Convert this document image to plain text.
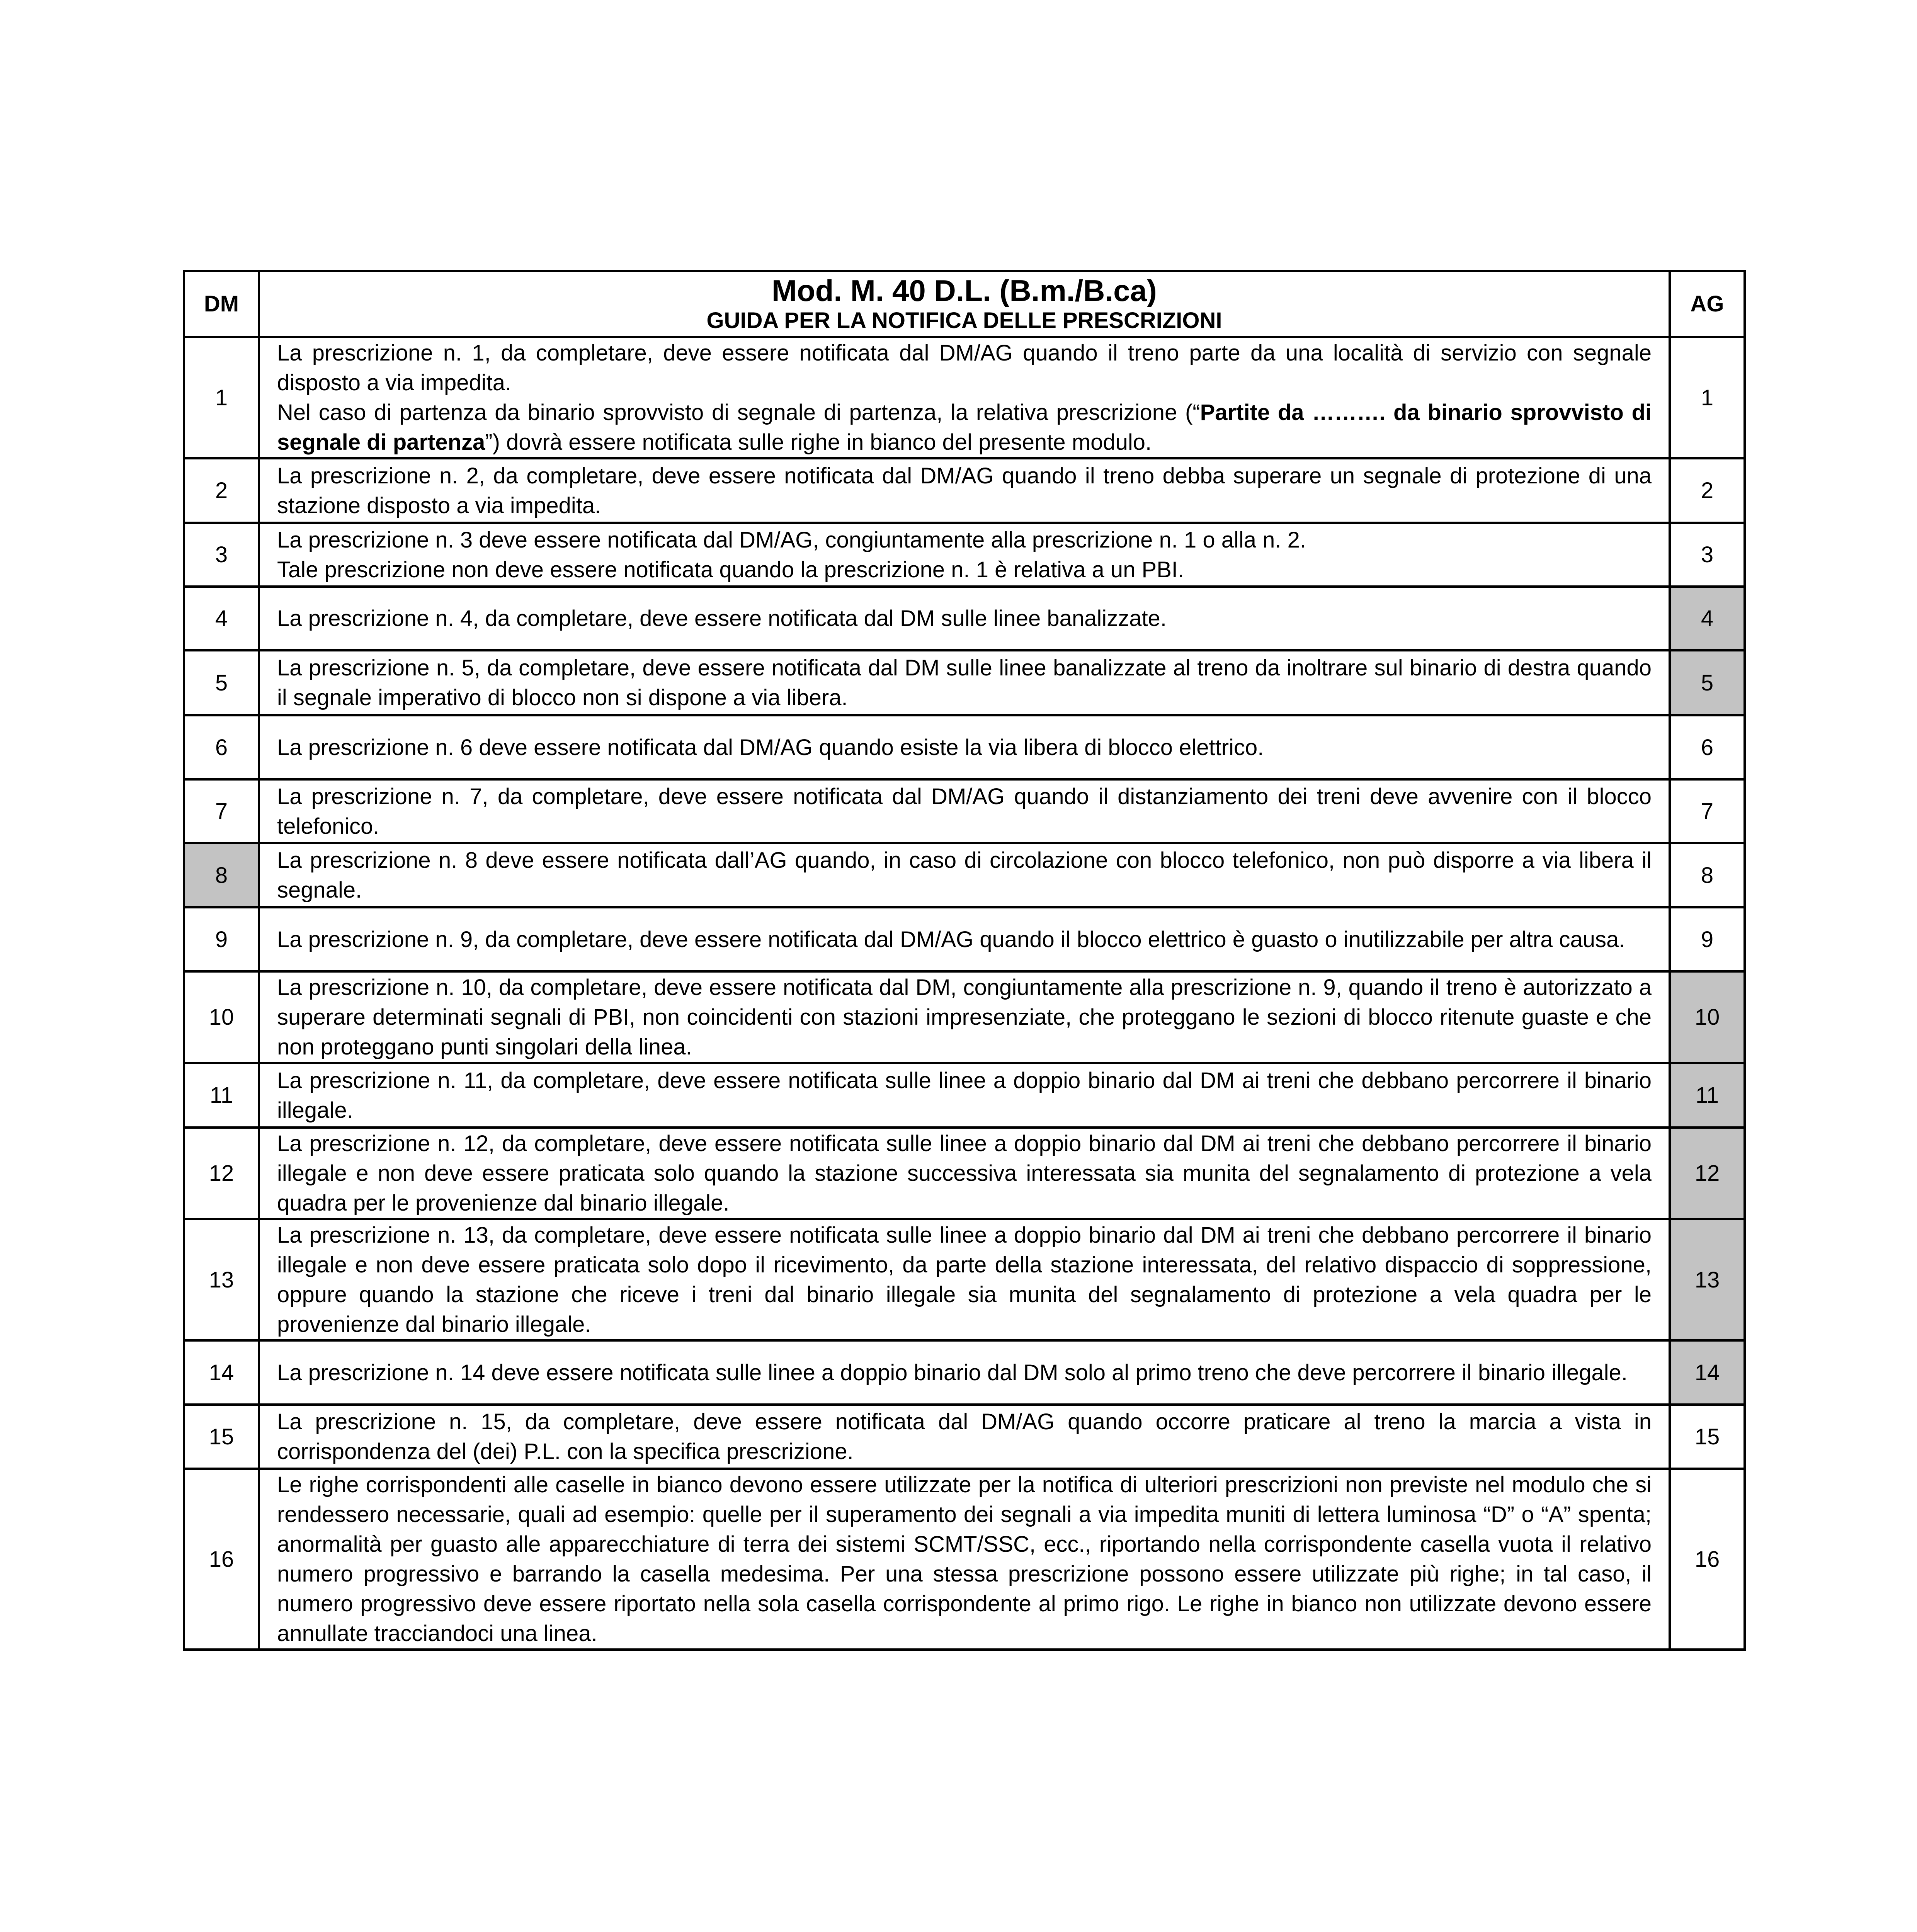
DM	Mod. M. 40 D.L. (B.m./B.ca)
GUIDA PER LA NOTIFICA DELLE PRESCRIZIONI	AG
1	La prescrizione n. 1, da completare, deve essere notificata dal DM/AG quando il treno parte da una località di servizio con segnale disposto a via impedita.
Nel caso di partenza da binario sprovvisto di segnale di partenza, la relativa prescrizione (“Partite da ………. da binario sprovvisto di segnale di partenza”) dovrà essere notificata sulle righe in bianco del presente modulo.	1
2	La prescrizione n. 2, da completare, deve essere notificata dal DM/AG quando il treno debba superare un segnale di protezione di una stazione disposto a via impedita.	2
3	La prescrizione n. 3 deve essere notificata dal DM/AG, congiuntamente alla prescrizione n. 1 o alla n. 2.
Tale prescrizione non deve essere notificata quando la prescrizione n. 1 è relativa a un PBI.	3
4	La prescrizione n. 4, da completare, deve essere notificata dal DM sulle linee banalizzate.	4
5	La prescrizione n. 5, da completare, deve essere notificata dal DM sulle linee banalizzate al treno da inoltrare sul binario di destra quando il segnale imperativo di blocco non si dispone a via libera.	5
6	La prescrizione n. 6 deve essere notificata dal DM/AG quando esiste la via libera di blocco elettrico.	6
7	La prescrizione n. 7, da completare, deve essere notificata dal DM/AG quando il distanziamento dei treni deve avvenire con il blocco telefonico.	7
8	La prescrizione n. 8 deve essere notificata dall’AG quando, in caso di circolazione con blocco telefonico, non può disporre a via libera il segnale.	8
9	La prescrizione n. 9, da completare, deve essere notificata dal DM/AG quando il blocco elettrico è guasto o inutilizzabile per altra causa.	9
10	La prescrizione n. 10, da completare, deve essere notificata dal DM, congiuntamente alla prescrizione n. 9, quando il treno è autorizzato a superare determinati segnali di PBI, non coincidenti con stazioni impresenziate, che proteggano le sezioni di blocco ritenute guaste e che non proteggano punti singolari della linea.	10
11	La prescrizione n. 11, da completare, deve essere notificata sulle linee a doppio binario dal DM ai treni che debbano percorrere il binario illegale.	11
12	La prescrizione n. 12, da completare, deve essere notificata sulle linee a doppio binario dal DM ai treni che debbano percorrere il binario illegale e non deve essere praticata solo quando la stazione successiva interessata sia munita del segnalamento di protezione a vela quadra per le provenienze dal binario illegale.	12
13	La prescrizione n. 13, da completare, deve essere notificata sulle linee a doppio binario dal DM ai treni che debbano percorrere il binario illegale e non deve essere praticata solo dopo il ricevimento, da parte della stazione interessata, del relativo dispaccio di soppressione, oppure quando la stazione che riceve i treni dal binario illegale sia munita del segnalamento di protezione a vela quadra per le provenienze dal binario illegale.	13
14	La prescrizione n. 14 deve essere notificata sulle linee a doppio binario dal DM solo al primo treno che deve percorrere il binario illegale.	14
15	La prescrizione n. 15, da completare, deve essere notificata dal DM/AG quando occorre praticare al treno la marcia a vista in corrispondenza del (dei) P.L. con la specifica prescrizione.	15
16	Le righe corrispondenti alle caselle in bianco devono essere utilizzate per la notifica di ulteriori prescrizioni non previste nel modulo che si rendessero necessarie, quali ad esempio: quelle per il superamento dei segnali a via impedita muniti di lettera luminosa “D” o “A” spenta; anormalità per guasto alle apparecchiature di terra dei sistemi SCMT/SSC, ecc., riportando nella corrispondente casella vuota il relativo numero progressivo e barrando la casella medesima. Per una stessa prescrizione possono essere utilizzate più righe; in tal caso, il numero progressivo deve essere riportato nella sola casella corrispondente al primo rigo. Le righe in bianco non utilizzate devono essere annullate tracciandoci una linea.	16
